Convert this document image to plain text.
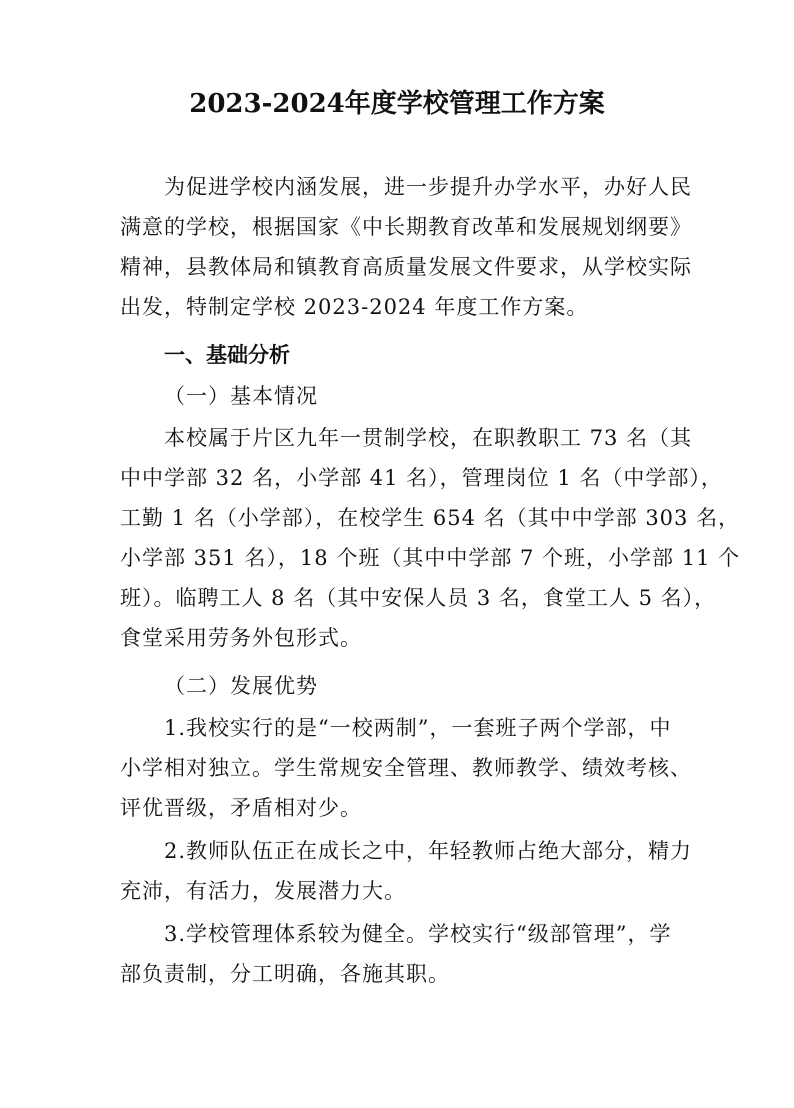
2023-2024年度学校管理工作方案
为促进学校内涵发展，进一步提升办学水平，办好人民
满意的学校，根据国家《中长期教育改革和发展规划纲要》
精神，县教体局和镇教育高质量发展文件要求，从学校实际
出发，特制定学校 2023-2024 年度工作方案。
一、基础分析
（一）基本情况
本校属于片区九年一贯制学校，在职教职工 73 名（其
中中学部 32 名，小学部 41 名），管理岗位 1 名（中学部），
工勤 1 名（小学部），在校学生 654 名（其中中学部 303 名，
小学部 351 名），18 个班（其中中学部 7 个班，小学部 11 个
班）。临聘工人 8 名（其中安保人员 3 名，食堂工人 5 名），
食堂采用劳务外包形式。
（二）发展优势
1.我校实行的是“一校两制”，一套班子两个学部，中
小学相对独立。学生常规安全管理、教师教学、绩效考核、
评优晋级，矛盾相对少。
2.教师队伍正在成长之中，年轻教师占绝大部分，精力
充沛，有活力，发展潜力大。
3.学校管理体系较为健全。学校实行“级部管理”，学
部负责制，分工明确，各施其职。
